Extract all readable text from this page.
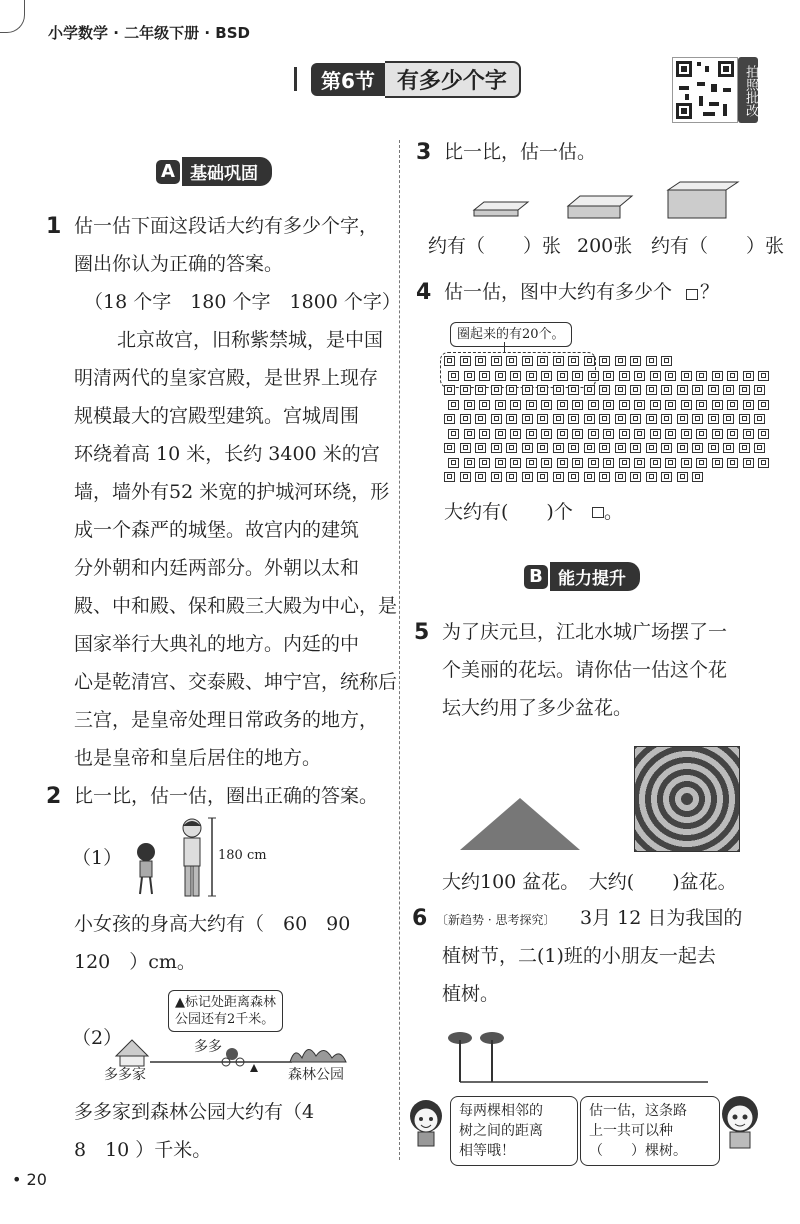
小学数学 · 二年级下册 · BSD
第6节	有多少个字	拍照批改
A 基础巩固
1 估一估下面这段话大约有多少个字，
圈出你认为正确的答案。
（18 个字　180 个字　1800 个字）
北京故宫，旧称紫禁城，是中国
明清两代的皇家宫殿，是世界上现存
规模最大的宫殿型建筑。宫城周围
环绕着高 10 米，长约 3400 米的宫
墙，墙外有52 米宽的护城河环绕，形
成一个森严的城堡。故宫内的建筑
分外朝和内廷两部分。外朝以太和
殿、中和殿、保和殿三大殿为中心，是
国家举行大典礼的地方。内廷的中
心是乾清宫、交泰殿、坤宁宫，统称后
三宫，是皇帝处理日常政务的地方，
也是皇帝和皇后居住的地方。
2 比一比，估一估，圈出正确的答案。
（1）	180 cm
小女孩的身高大约有（　60　90
120　）cm。
▲标记处距离森林
公园还有2千米。
（2）	多多
多多家	森林公园
多多家到森林公园大约有（4
8　10 ）千米。
3 比一比，估一估。
约有（　　）张 200张 约有（　　）张
4 估一估，图中大约有多少个 ？
圈起来的有20个。
大约有(　　)个 。
B 能力提升
5 为了庆元旦，江北水城广场摆了一
个美丽的花坛。请你估一估这个花
坛大约用了多少盆花。
大约100 盆花。　大约(　　)盆花。
6 〔新趋势 · 思考探究〕 3月 12 日为我国的
植树节，二(1)班的小朋友一起去
植树。
每两棵相邻的
树之间的距离
相等哦！
估一估，这条路
上一共可以种
（　　）棵树。
• 20
